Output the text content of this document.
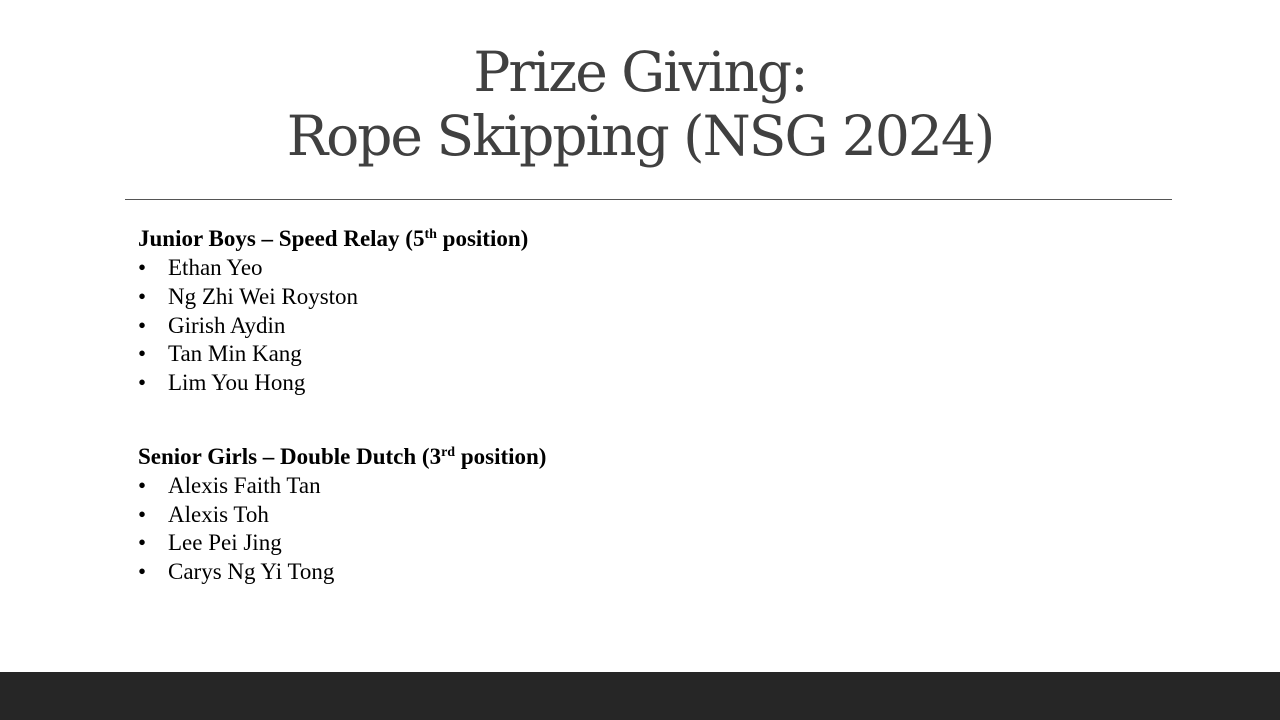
Prize Giving:
Rope Skipping (NSG 2024)
Junior Boys – Speed Relay (5th position)
• Ethan Yeo
• Ng Zhi Wei Royston
• Girish Aydin
• Tan Min Kang
• Lim You Hong
Senior Girls – Double Dutch (3rd position)
• Alexis Faith Tan
• Alexis Toh
• Lee Pei Jing
• Carys Ng Yi Tong
